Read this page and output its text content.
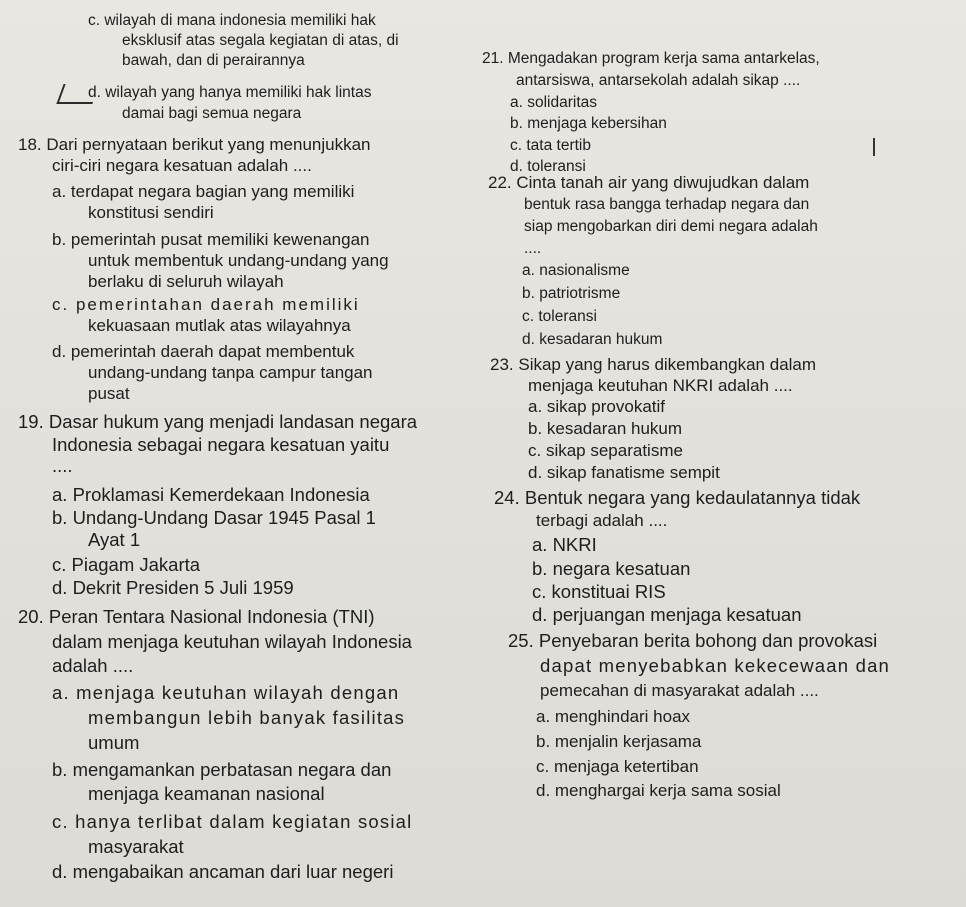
c. wilayah di mana indonesia memiliki hak
eksklusif atas segala kegiatan di atas, di
bawah, dan di perairannya
d. wilayah yang hanya memiliki hak lintas
damai bagi semua negara
18. Dari pernyataan berikut yang menunjukkan
ciri-ciri negara kesatuan adalah ....
a. terdapat negara bagian yang memiliki
konstitusi sendiri
b. pemerintah pusat memiliki kewenangan
untuk membentuk undang-undang yang
berlaku di seluruh wilayah
c. pemerintahan daerah memiliki
kekuasaan mutlak atas wilayahnya
d. pemerintah daerah dapat membentuk
undang-undang tanpa campur tangan
pusat
19. Dasar hukum yang menjadi landasan negara
Indonesia sebagai negara kesatuan yaitu
....
a. Proklamasi Kemerdekaan Indonesia
b. Undang-Undang Dasar 1945 Pasal 1
Ayat 1
c. Piagam Jakarta
d. Dekrit Presiden 5 Juli 1959
20. Peran Tentara Nasional Indonesia (TNI)
dalam menjaga keutuhan wilayah Indonesia
adalah ....
a. menjaga keutuhan wilayah dengan
membangun lebih banyak fasilitas
umum
b. mengamankan perbatasan negara dan
menjaga keamanan nasional
c. hanya terlibat dalam kegiatan sosial
masyarakat
d. mengabaikan ancaman dari luar negeri
21. Mengadakan program kerja sama antarkelas,
antarsiswa, antarsekolah adalah sikap ....
a. solidaritas
b. menjaga kebersihan
c. tata tertib
d. toleransi
22. Cinta tanah air yang diwujudkan dalam
bentuk rasa bangga terhadap negara dan
siap mengobarkan diri demi negara adalah
....
a. nasionalisme
b. patriotrisme
c. toleransi
d. kesadaran hukum
23. Sikap yang harus dikembangkan dalam
menjaga keutuhan NKRI adalah ....
a. sikap provokatif
b. kesadaran hukum
c. sikap separatisme
d. sikap fanatisme sempit
24. Bentuk negara yang kedaulatannya tidak
terbagi adalah ....
a. NKRI
b. negara kesatuan
c. konstituai RIS
d. perjuangan menjaga kesatuan
25. Penyebaran berita bohong dan provokasi
dapat menyebabkan kekecewaan dan
pemecahan di masyarakat adalah ....
a. menghindari hoax
b. menjalin kerjasama
c. menjaga ketertiban
d. menghargai kerja sama sosial
